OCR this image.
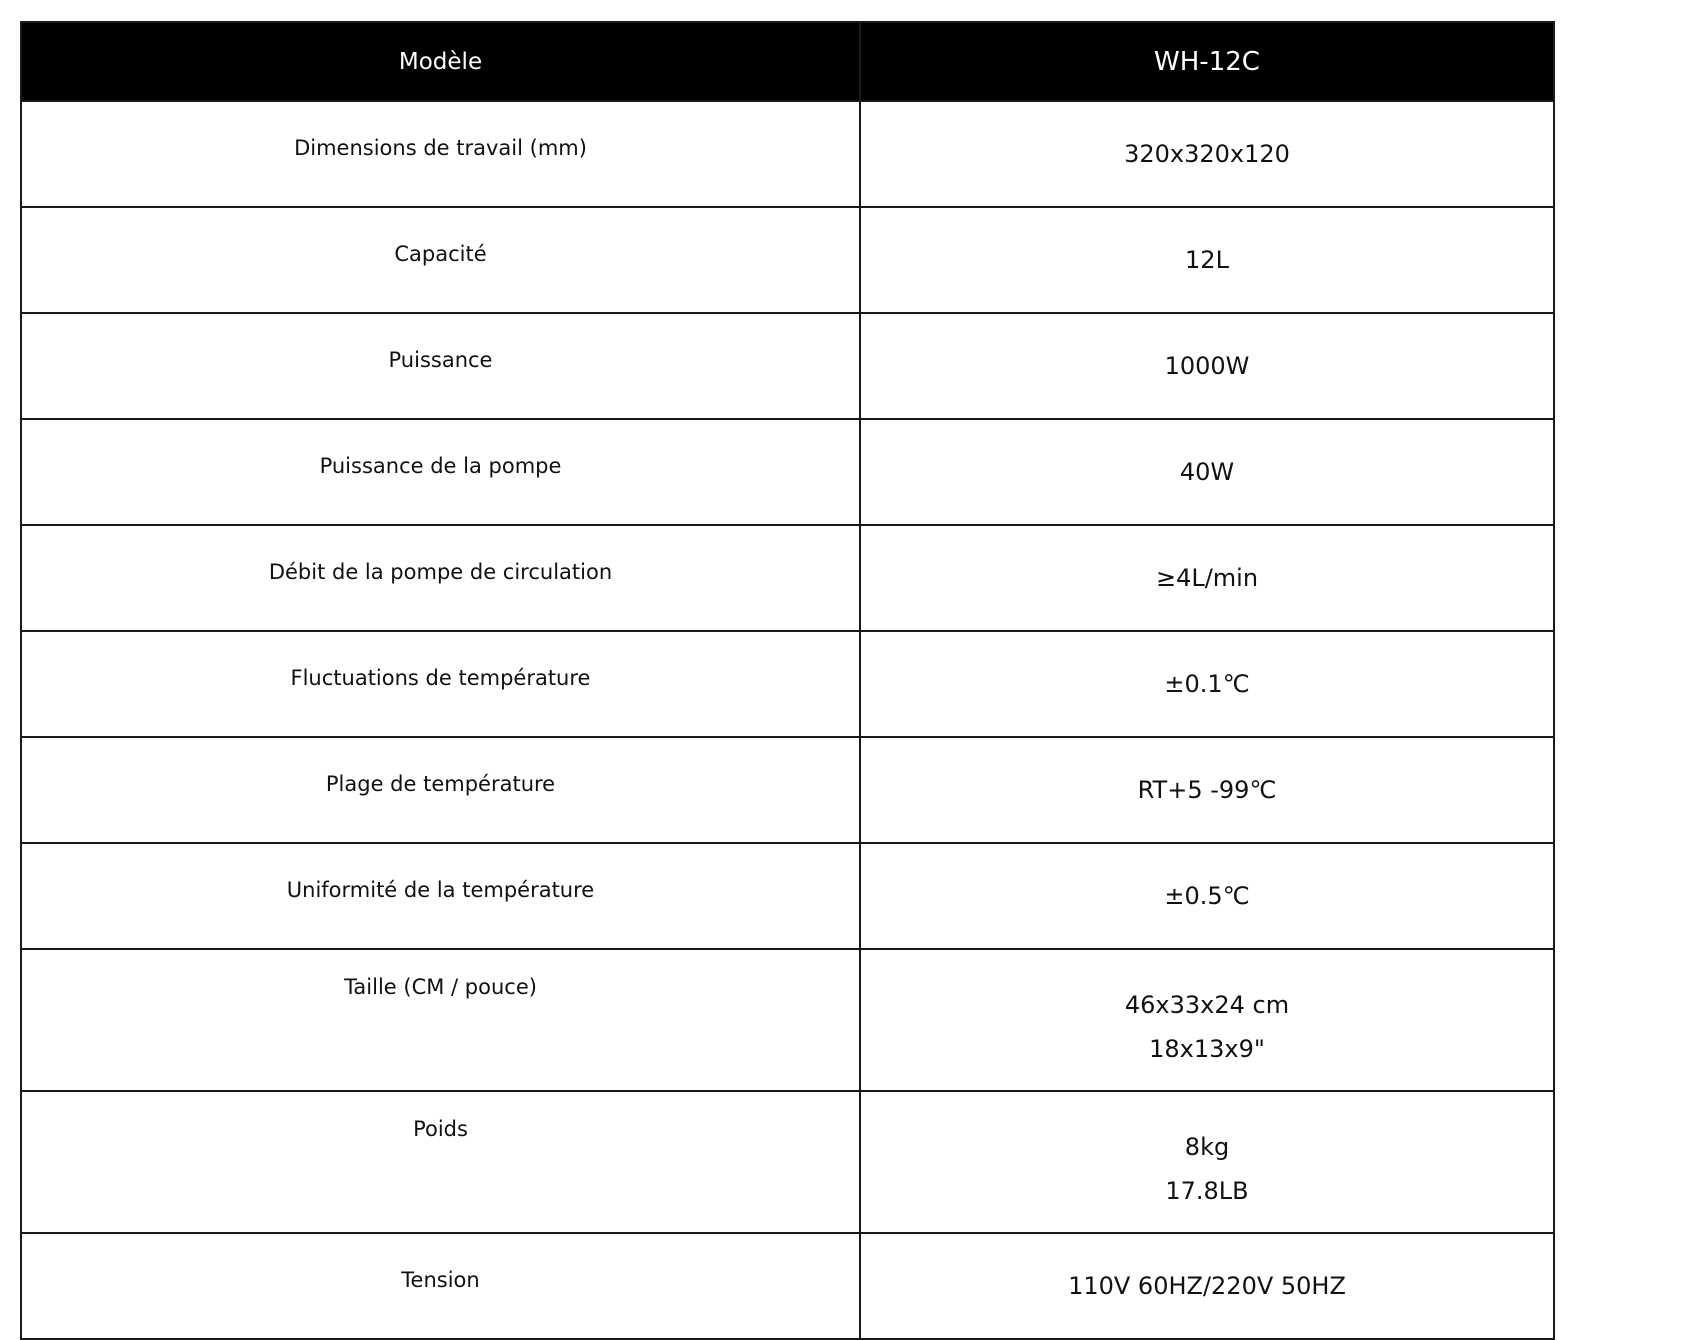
Modèle	WH-12C
Dimensions de travail (mm)	320x320x120

Capacité	12L

Puissance	1000W

Puissance de la pompe	40W

Débit de la pompe de circulation	≥4L/min

Fluctuations de température	±0.1℃

Plage de température	RT+5 -99℃

Uniformité de la température	±0.5℃

Taille (CM / pouce)	46x33x24 cm
18x13x9"

Poids	8kg
17.8LB

Tension	110V 60HZ/220V 50HZ
